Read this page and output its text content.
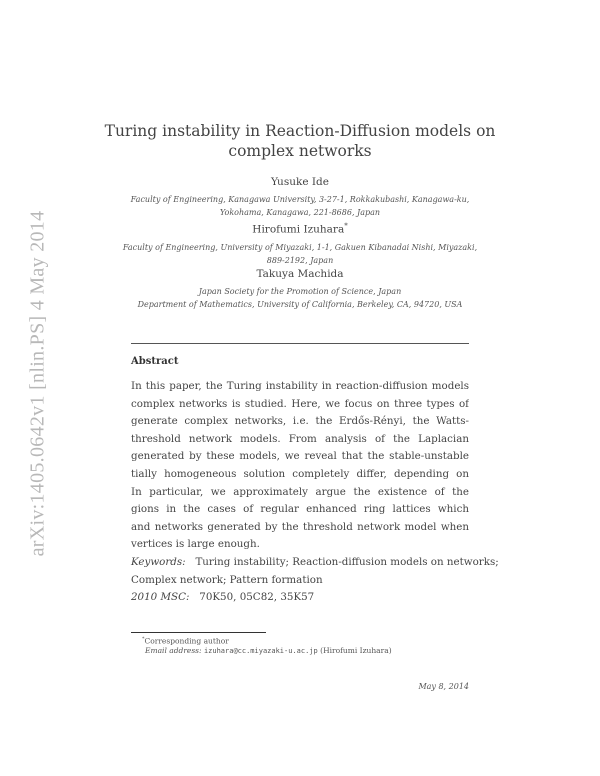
arXiv:1405.0642v1 [nlin.PS] 4 May 2014
Turing instability in Reaction-Diffusion models on
complex networks
Yusuke Ide
Faculty of Engineering, Kanagawa University, 3-27-1, Rokkakubashi, Kanagawa-ku,
Yokohama, Kanagawa, 221-8686, Japan
Hirofumi Izuhara*
Faculty of Engineering, University of Miyazaki, 1-1, Gakuen Kibanadai Nishi, Miyazaki,
889-2192, Japan
Takuya Machida
Japan Society for the Promotion of Science, Japan
Department of Mathematics, University of California, Berkeley, CA, 94720, USA
Abstract
In this paper, the Turing instability in reaction-diffusion models
complex networks is studied. Here, we focus on three types of
generate complex networks, i.e. the Erdős-Rényi, the Watts-
threshold network models. From analysis of the Laplacian
generated by these models, we reveal that the stable-unstable
tially homogeneous solution completely differ, depending on
In particular, we approximately argue the existence of the
gions in the cases of regular enhanced ring lattices which
and networks generated by the threshold network model when
vertices is large enough.
Keywords: Turing instability; Reaction-diffusion models on networks;
Complex network; Pattern formation
2010 MSC: 70K50, 05C82, 35K57
*Corresponding author
Email address: izuhara@cc.miyazaki-u.ac.jp (Hirofumi Izuhara)
May 8, 2014
